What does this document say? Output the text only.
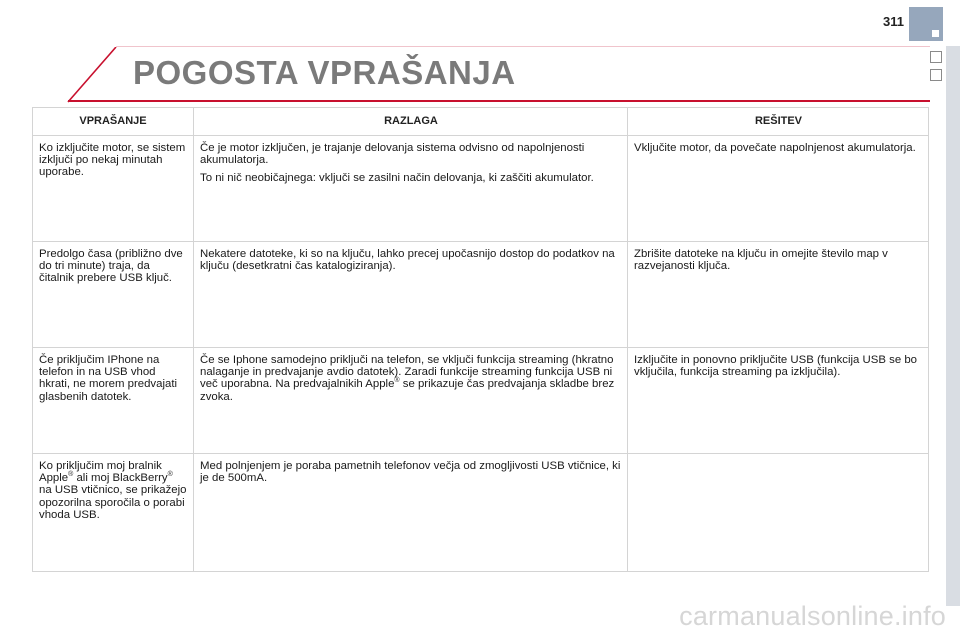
311
POGOSTA VPRAŠANJA
VPRAŠANJE	RAZLAGA	REŠITEV

Ko izključite motor, se sistem izključi po nekaj minutah uporabe.

Če je motor izključen, je trajanje delovanja sistema odvisno od napolnjenosti akumulatorja.

To ni nič neobičajnega: vključi se zasilni način delovanja, ki zaščiti akumulator.

Vključite motor, da povečate napolnjenost akumulatorja.

Predolgo časa (približno dve do tri minute) traja, da čitalnik prebere USB ključ.

Nekatere datoteke, ki so na ključu, lahko precej upočasnijo dostop do podatkov na ključu (desetkratni čas katalogiziranja).

Zbrišite datoteke na ključu in omejite število map v razvejanosti ključa.

Če priključim IPhone na telefon in na USB vhod hkrati, ne morem predvajati glasbenih datotek.

Če se Iphone samodejno priključi na telefon, se vključi funkcija streaming (hkratno nalaganje in predvajanje avdio datotek). Zaradi funkcije streaming funkcija USB ni več uporabna. Na predvajalnikih Apple® se prikazuje čas predvajanja skladbe brez zvoka.

Izključite in ponovno priključite USB (funkcija USB se bo vključila, funkcija streaming pa izključila).

Ko priključim moj bralnik Apple® ali moj BlackBerry® na USB vtičnico, se prikažejo opozorilna sporočila o porabi vhoda USB.

Med polnjenjem je poraba pametnih telefonov večja od zmogljivosti USB vtičnice, ki je de 500mA.

carmanualsonline.info
